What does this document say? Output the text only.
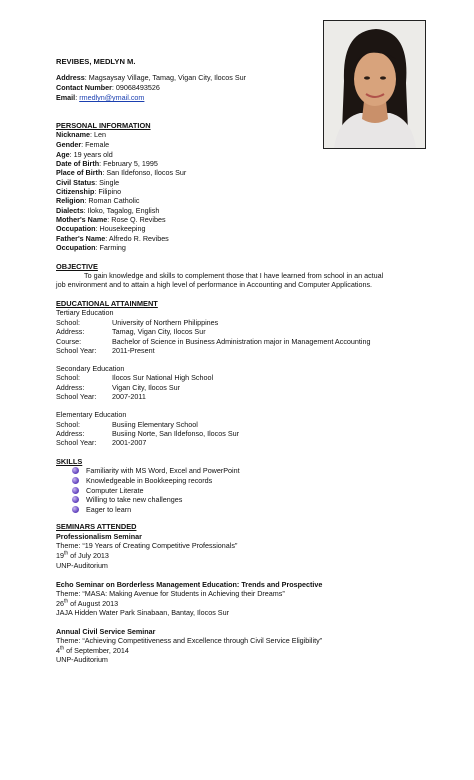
REVIBES, MEDLYN M.
Address: Magsaysay Village, Tamag, Vigan City, Ilocos Sur
Contact Number: 09068493526
Email: rmedlyn@ymail.com
PERSONAL INFORMATION
Nickname: Len
Gender: Female
Age: 19 years old
Date of Birth: February 5, 1995
Place of Birth: San Ildefonso, Ilocos Sur
Civil Status: Single
Citizenship: Filipino
Religion: Roman Catholic
Dialects: Iloko, Tagalog, English
Mother's Name: Rose Q. Revibes
Occupation: Housekeeping
Father's Name: Alfredo R. Revibes
Occupation: Farming
OBJECTIVE
To gain knowledge and skills to complement those that I have learned from school in an actual
job environment and to attain a high level of performance in Accounting and Computer Applications.
EDUCATIONAL ATTAINMENT
Tertiary Education
School:	University of Northern Philippines
Address:	Tamag, Vigan City, Ilocos Sur
Course:	Bachelor of Science in Business Administration major in Management Accounting
School Year: 2011-Present
Secondary Education
School:	Ilocos Sur National High School
Address:	Vigan City, Ilocos Sur
School Year: 2007-2011
Elementary Education
School:	Busiing Elementary School
Address:	Busiing Norte, San Ildefonso, Ilocos Sur
School Year: 2001-2007
SKILLS
Familiarity with MS Word, Excel and PowerPoint
Knowledgeable in Bookkeeping records
Computer Literate
Willing to take new challenges
Eager to learn
SEMINARS ATTENDED
Professionalism Seminar
Theme: “19 Years of Creating Competitive Professionals”
19th of July 2013
UNP-Auditorium
Echo Seminar on Borderless Management Education: Trends and Prospective
Theme: “MASA: Making Avenue for Students in Achieving their Dreams”
26th of August 2013
JAJA Hidden Water Park Sinabaan, Bantay, Ilocos Sur
Annual Civil Service Seminar
Theme: “Achieving Competitiveness and Excellence through Civil Service Eligibility”
4th of September, 2014
UNP-Auditorium
